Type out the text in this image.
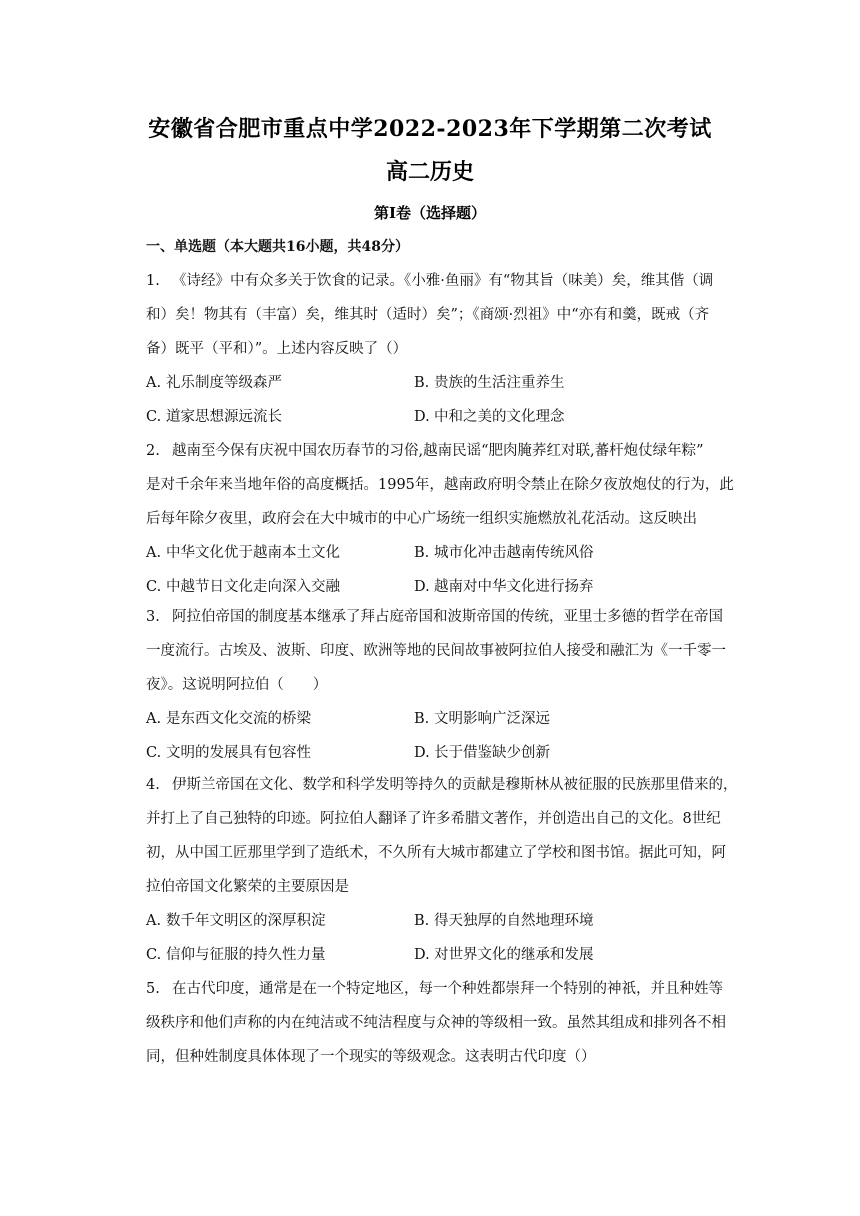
安徽省合肥市重点中学2022-2023年下学期第二次考试
高二历史
第Ⅰ卷（选择题）
一、单选题（本大题共16小题，共48分）
1. 《诗经》中有众多关于饮食的记录。《小雅·鱼丽》有“物其旨（味美）矣，维其偕（调
和）矣！物其有（丰富）矣，维其时（适时）矣”；《商颂·烈祖》中“亦有和羹，既戒（齐
备）既平（平和）”。上述内容反映了（）
A. 礼乐制度等级森严	B. 贵族的生活注重养生
C. 道家思想源远流长	D. 中和之美的文化理念
2. 越南至今保有庆祝中国农历春节的习俗,越南民谣“肥肉腌荞红对联,蕃杆炮仗绿年粽”
是对千余年来当地年俗的高度概括。1995年，越南政府明令禁止在除夕夜放炮仗的行为，此
后每年除夕夜里，政府会在大中城市的中心广场统一组织实施燃放礼花活动。这反映出
A. 中华文化优于越南本土文化	B. 城市化冲击越南传统风俗
C. 中越节日文化走向深入交融	D. 越南对中华文化进行扬弃
3. 阿拉伯帝国的制度基本继承了拜占庭帝国和波斯帝国的传统，亚里士多德的哲学在帝国
一度流行。古埃及、波斯、印度、欧洲等地的民间故事被阿拉伯人接受和融汇为《一千零一
夜》。这说明阿拉伯（　　）
A. 是东西文化交流的桥梁	B. 文明影响广泛深远
C. 文明的发展具有包容性	D. 长于借鉴缺少创新
4. 伊斯兰帝国在文化、数学和科学发明等持久的贡献是穆斯林从被征服的民族那里借来的，
并打上了自己独特的印迹。阿拉伯人翻译了许多希腊文著作，并创造出自己的文化。8世纪
初，从中国工匠那里学到了造纸术，不久所有大城市都建立了学校和图书馆。据此可知，阿
拉伯帝国文化繁荣的主要原因是
A. 数千年文明区的深厚积淀	B. 得天独厚的自然地理环境
C. 信仰与征服的持久性力量	D. 对世界文化的继承和发展
5. 在古代印度，通常是在一个特定地区，每一个种姓都崇拜一个特别的神祇，并且种姓等
级秩序和他们声称的内在纯洁或不纯洁程度与众神的等级相一致。虽然其组成和排列各不相
同，但种姓制度具体体现了一个现实的等级观念。这表明古代印度（）
